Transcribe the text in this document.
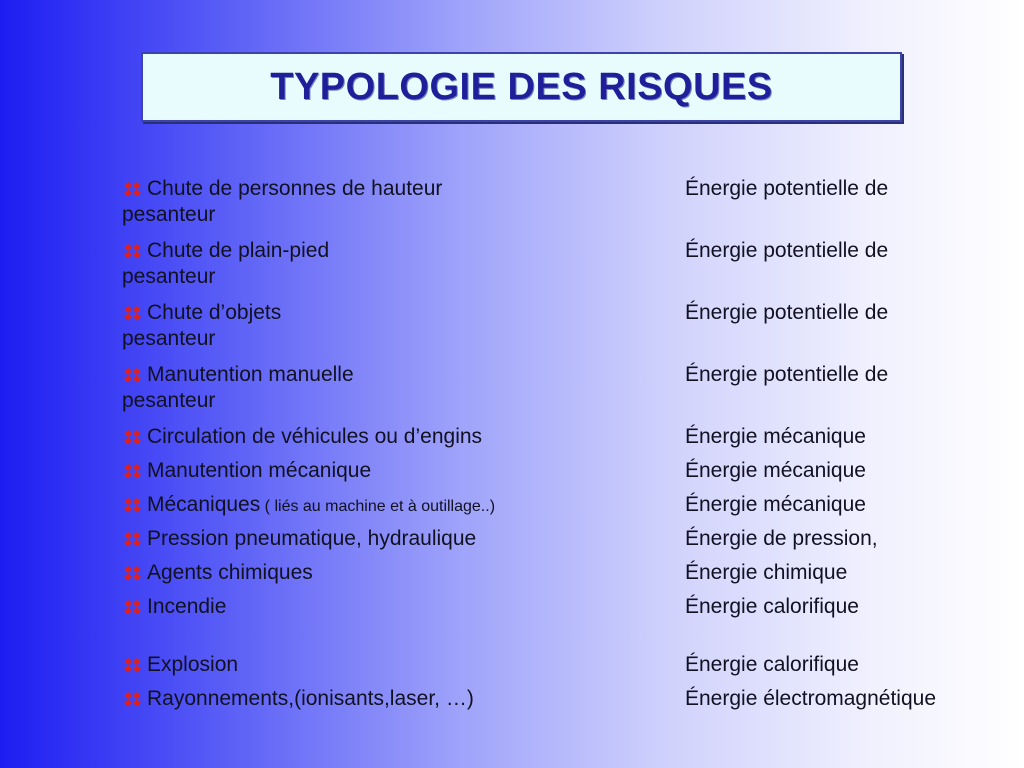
TYPOLOGIE DES RISQUES
Chute de personnes de hauteur	Énergie potentielle de
pesanteur
Chute de plain-pied	Énergie potentielle de
pesanteur
Chute d’objets	Énergie potentielle de
pesanteur
Manutention manuelle	Énergie potentielle de
pesanteur
Circulation de véhicules ou d’engins	Énergie mécanique
Manutention mécanique	Énergie mécanique
Mécaniques ( liés au machine et à outillage..)	Énergie mécanique
Pression pneumatique, hydraulique	Énergie de pression,
Agents chimiques	Énergie chimique
Incendie	Énergie calorifique
Explosion	Énergie calorifique
Rayonnements,(ionisants,laser, …)	Énergie électromagnétique
